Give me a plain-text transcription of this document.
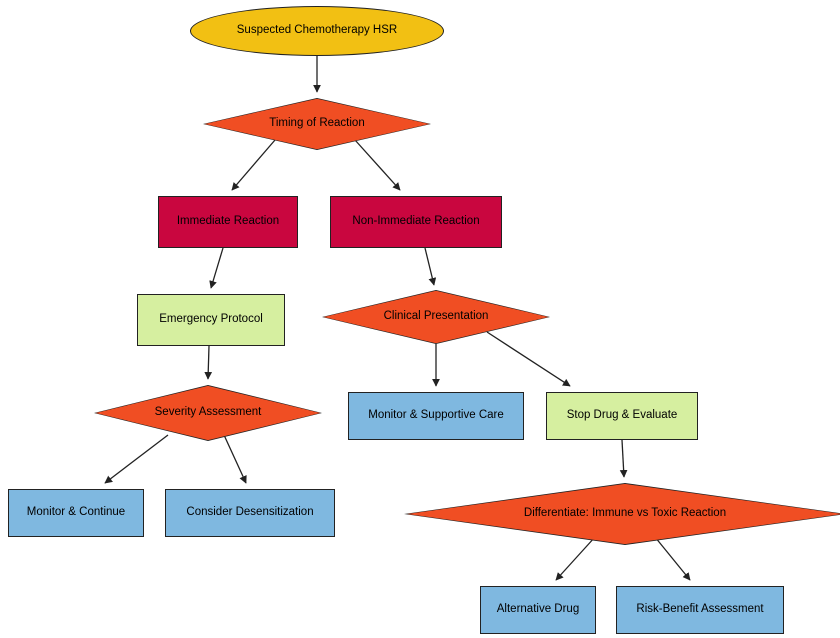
Suspected Chemotherapy HSR
Timing of Reaction
Immediate Reaction	Non-Immediate Reaction
Emergency Protocol	Clinical Presentation
Severity Assessment	Monitor & Supportive Care	Stop Drug & Evaluate
Monitor & Continue	Consider Desensitization	Differentiate: Immune vs Toxic Reaction
Alternative Drug	Risk-Benefit Assessment
